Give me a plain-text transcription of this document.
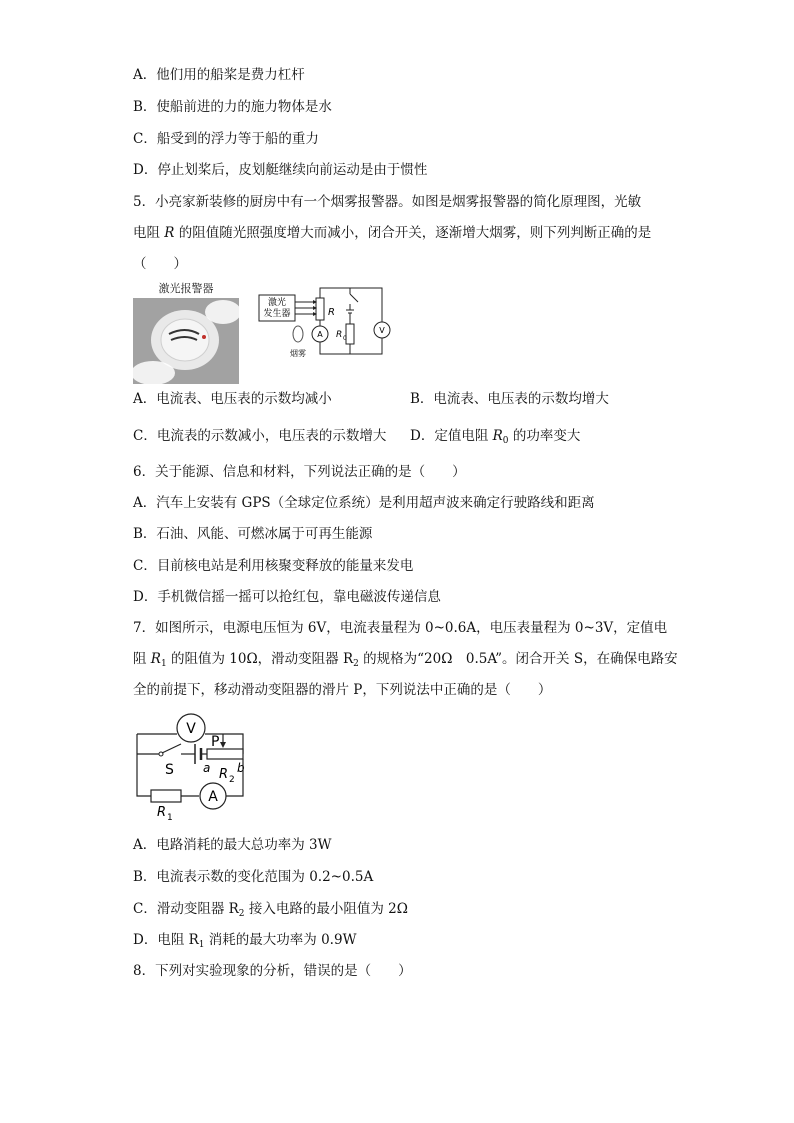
A．他们用的船桨是费力杠杆
B．使船前进的力的施力物体是水
C．船受到的浮力等于船的重力
D．停止划桨后，皮划艇继续向前运动是由于惯性
5．小亮家新装修的厨房中有一个烟雾报警器。如图是烟雾报警器的简化原理图，光敏
电阻 R 的阻值随光照强度增大而减小，闭合开关，逐渐增大烟雾，则下列判断正确的是
（　　）
激光报警器
激光
发生器	R
R 0
A	V
烟雾
A．电流表、电压表的示数均减小	B．电流表、电压表的示数均增大
C．电流表的示数减小，电压表的示数增大 D．定值电阻 $R_0$ 的功率变大
6．关于能源、信息和材料，下列说法正确的是（　　）
A．汽车上安装有 GPS（全球定位系统）是利用超声波来确定行驶路线和距离
B．石油、风能、可燃冰属于可再生能源
C．目前核电站是利用核聚变释放的能量来发电
D．手机微信摇一摇可以抢红包，靠电磁波传递信息
7．如图所示，电源电压恒为 6V，电流表量程为 0~0.6A，电压表量程为 0~3V，定值电
阻 $R_1$ 的阻值为 10Ω，滑动变阻器 $R_2$ 的规格为“20Ω　0.5A”。闭合开关 S，在确保电路安
全的前提下，移动滑动变阻器的滑片 P，下列说法中正确的是（　　）
V
S
P
a b
R 2
A
R 1
A．电路消耗的最大总功率为 3W
B．电流表示数的变化范围为 0.2~0.5A
C．滑动变阻器 $R_2$ 接入电路的最小阻值为 2Ω
D．电阻 $R_1$ 消耗的最大功率为 0.9W
8．下列对实验现象的分析，错误的是（　　）
